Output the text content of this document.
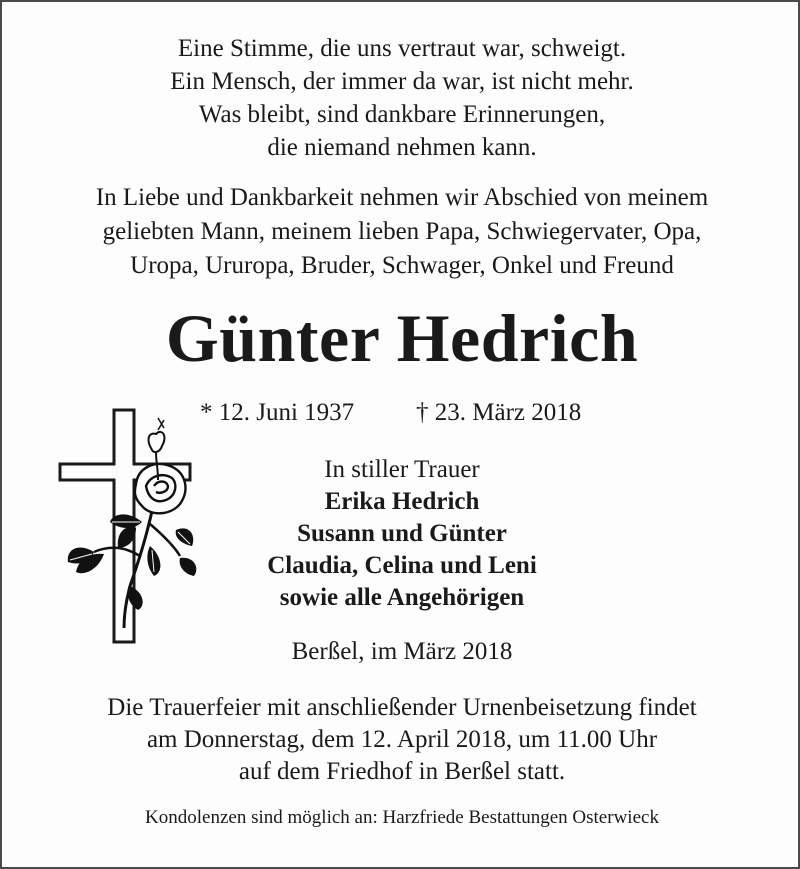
Eine Stimme, die uns vertraut war, schweigt.
Ein Mensch, der immer da war, ist nicht mehr.
Was bleibt, sind dankbare Erinnerungen,
die niemand nehmen kann.
In Liebe und Dankbarkeit nehmen wir Abschied von meinem
geliebten Mann, meinem lieben Papa, Schwiegervater, Opa,
Uropa, Ururopa, Bruder, Schwager, Onkel und Freund
Günter Hedrich
* 12. Juni 1937 † 23. März 2018
In stiller Trauer
Erika Hedrich
Susann und Günter
Claudia, Celina und Leni
sowie alle Angehörigen
Berßel, im März 2018
Die Trauerfeier mit anschließender Urnenbeisetzung findet
am Donnerstag, dem 12. April 2018, um 11.00 Uhr
auf dem Friedhof in Berßel statt.
Kondolenzen sind möglich an: Harzfriede Bestattungen Osterwieck
